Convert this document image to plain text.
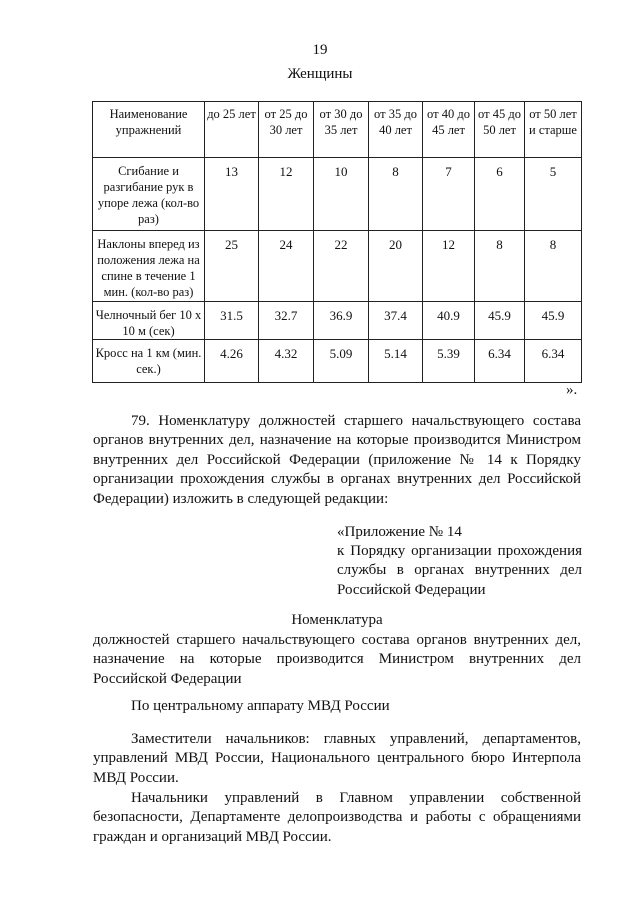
19
Женщины
Наименование упражнений	до 25 лет	от 25 до 30 лет	от 30 до 35 лет	от 35 до 40 лет	от 40 до 45 лет	от 45 до 50 лет	от 50 лет и старше
Сгибание и разгибание рук в упоре лежа (кол-во раз)	13	12	10	8	7	6	5
Наклоны вперед из положения лежа на спине в течение 1 мин. (кол-во раз)	25	24	22	20	12	8	8
Челночный бег 10 х 10 м (сек)	31.5	32.7	36.9	37.4	40.9	45.9	45.9
Кросс на 1 км (мин. сек.)	4.26	4.32	5.09	5.14	5.39	6.34	6.34
».
79. Номенклатуру должностей старшего начальствующего состава органов внутренних дел, назначение на которые производится Министром внутренних дел Российской Федерации (приложение № 14 к Порядку организации прохождения службы в органах внутренних дел Российской Федерации) изложить в следующей редакции:
«Приложение № 14
к Порядку организации прохождения службы в органах внутренних дел Российской Федерации
Номенклатура
должностей старшего начальствующего состава органов внутренних дел, назначение на которые производится Министром внутренних дел Российской Федерации
По центральному аппарату МВД России
Заместители начальников: главных управлений, департаментов, управлений МВД России, Национального центрального бюро Интерпола МВД России.
Начальники управлений в Главном управлении собственной безопасности, Департаменте делопроизводства и работы с обращениями граждан и организаций МВД России.
